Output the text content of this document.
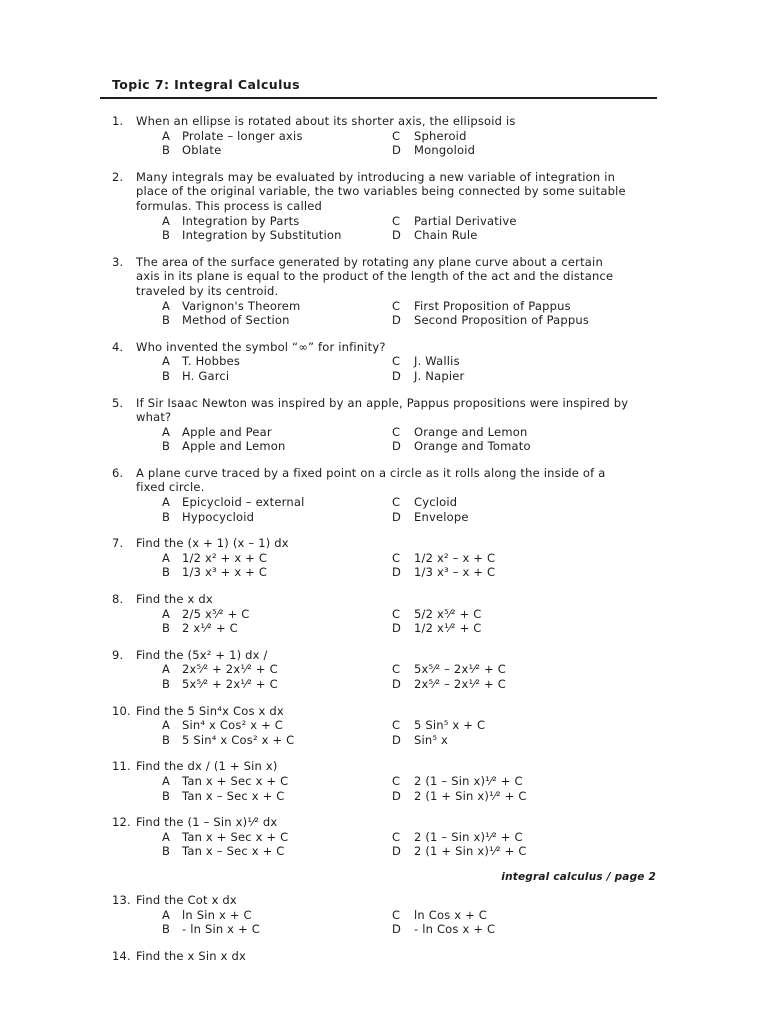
Topic 7: Integral Calculus
1.	When an ellipse is rotated about its shorter axis, the ellipsoid is
A	Prolate – longer axis	C	Spheroid
B	Oblate	D	Mongoloid
2.	Many integrals may be evaluated by introducing a new variable of integration in
place of the original variable, the two variables being connected by some suitable
formulas. This process is called
A	Integration by Parts	C	Partial Derivative
B	Integration by Substitution	D	Chain Rule
3.	The area of the surface generated by rotating any plane curve about a certain
axis in its plane is equal to the product of the length of the act and the distance
traveled by its centroid.
A	Varignon's Theorem	C	First Proposition of Pappus
B	Method of Section	D	Second Proposition of Pappus
4.	Who invented the symbol “∞” for infinity?
A	T. Hobbes	C	J. Wallis
B	H. Garci	D	J. Napier
5.	If Sir Isaac Newton was inspired by an apple, Pappus propositions were inspired by
what?
A	Apple and Pear	C	Orange and Lemon
B	Apple and Lemon	D	Orange and Tomato
6.	A plane curve traced by a fixed point on a circle as it rolls along the inside of a
fixed circle.
A	Epicycloid – external	C	Cycloid
B	Hypocycloid	D	Envelope
7.	Find the (x + 1) (x – 1) dx
A	1/2 x² + x + C	C	1/2 x² – x + C
B	1/3 x³ + x + C	D	1/3 x³ – x + C
8.	Find the x dx
A	2/5 x⁵⁄² + C	C	5/2 x⁵⁄² + C
B	2 x¹⁄² + C	D	1/2 x¹⁄² + C
9.	Find the (5x² + 1) dx /
A	2x⁵⁄² + 2x¹⁄² + C	C	5x⁵⁄² – 2x¹⁄² + C
B	5x⁵⁄² + 2x¹⁄² + C	D	2x⁵⁄² – 2x¹⁄² + C
10. Find the 5 Sin⁴x Cos x dx
A	Sin⁴ x Cos² x + C	C	5 Sin⁵ x + C
B	5 Sin⁴ x Cos² x + C	D	Sin⁵ x
11. Find the dx / (1 + Sin x)
A	Tan x + Sec x + C	C	2 (1 – Sin x)¹⁄² + C
B	Tan x – Sec x + C	D	2 (1 + Sin x)¹⁄² + C
12. Find the (1 – Sin x)¹⁄² dx
A	Tan x + Sec x + C	C	2 (1 – Sin x)¹⁄² + C
B	Tan x – Sec x + C	D	2 (1 + Sin x)¹⁄² + C
integral calculus / page 2
13. Find the Cot x dx
A	ln Sin x + C	C	ln Cos x + C
B	- ln Sin x + C	D	- ln Cos x + C
14. Find the x Sin x dx
